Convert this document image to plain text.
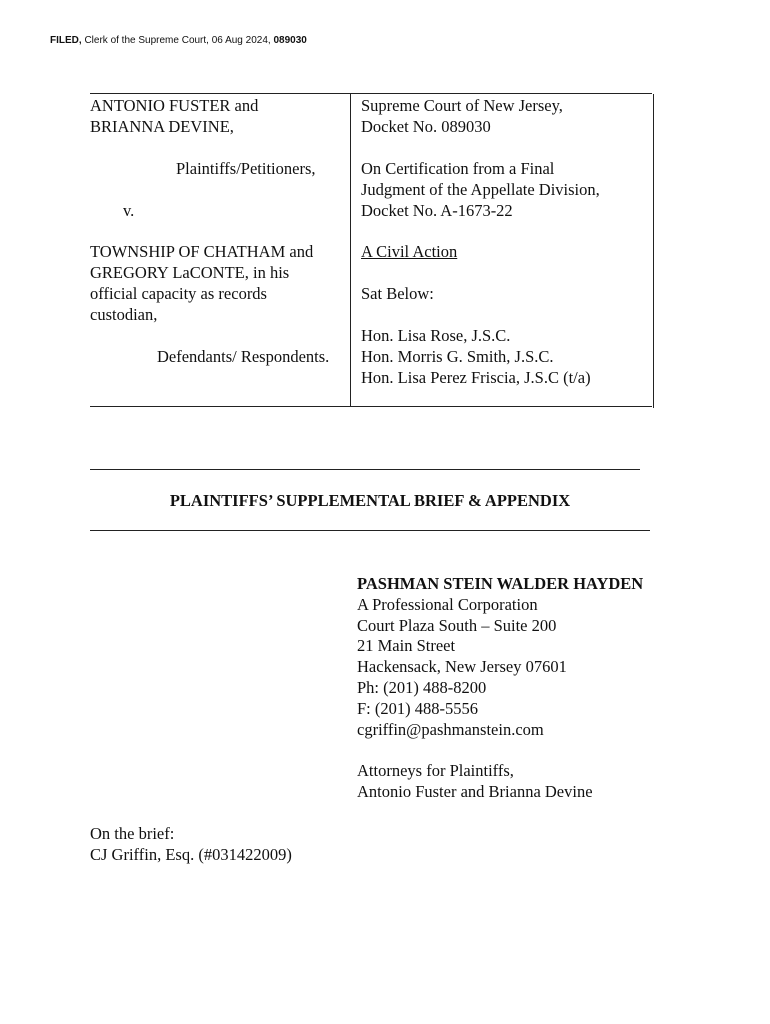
FILED, Clerk of the Supreme Court, 06 Aug 2024, 089030
ANTONIO FUSTER and
BRIANNA DEVINE,
Plaintiffs/Petitioners,
v.
TOWNSHIP OF CHATHAM and
GREGORY LaCONTE, in his
official capacity as records
custodian,
Defendants/ Respondents.
Supreme Court of New Jersey,
Docket No. 089030
On Certification from a Final
Judgment of the Appellate Division,
Docket No. A-1673-22
A Civil Action
Sat Below:
Hon. Lisa Rose, J.S.C.
Hon. Morris G. Smith, J.S.C.
Hon. Lisa Perez Friscia, J.S.C (t/a)
PLAINTIFFS’ SUPPLEMENTAL BRIEF & APPENDIX
PASHMAN STEIN WALDER HAYDEN
A Professional Corporation
Court Plaza South – Suite 200
21 Main Street
Hackensack, New Jersey 07601
Ph: (201) 488-8200
F: (201) 488-5556
cgriffin@pashmanstein.com
Attorneys for Plaintiffs,
Antonio Fuster and Brianna Devine
On the brief:
CJ Griffin, Esq. (#031422009)
